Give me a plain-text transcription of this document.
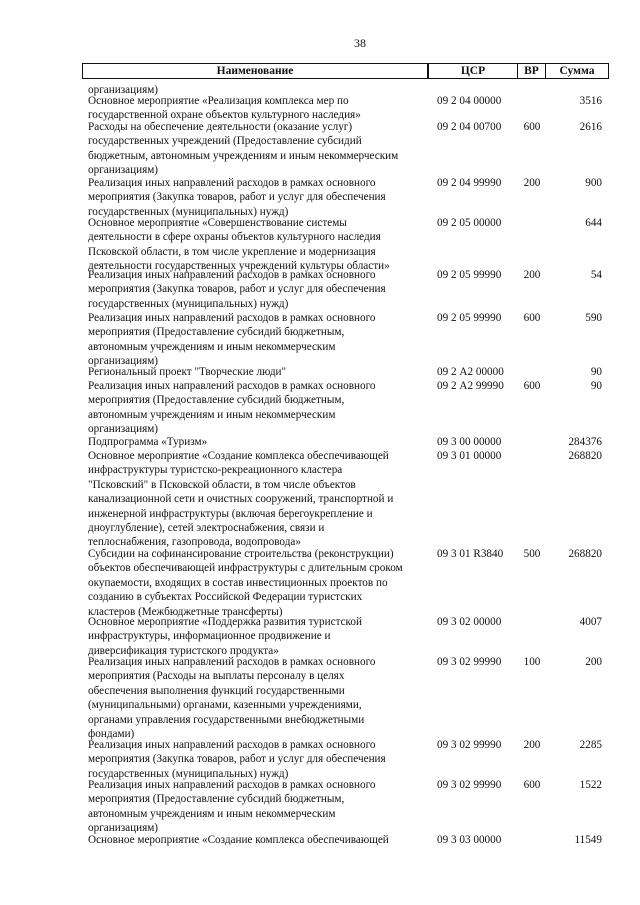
38
Наименование	ЦСР	ВР	Сумма
организациям)
Основное мероприятие «Реализация комплекса мер по
государственной охране объектов культурного наследия»
09 2 04 00000	3516
Расходы на обеспечение деятельности (оказание услуг)
государственных учреждений (Предоставление субсидий
бюджетным, автономным учреждениям и иным некоммерческим
организациям)
09 2 04 00700	600	2616
Реализация иных направлений расходов в рамках основного
мероприятия (Закупка товаров, работ и услуг для обеспечения
государственных (муниципальных) нужд)
09 2 04 99990	200	900
Основное мероприятие «Совершенствование системы
деятельности в сфере охраны объектов культурного наследия
Псковской области, в том числе укрепление и модернизация
деятельности государственных учреждений культуры области»
09 2 05 00000	644
Реализация иных направлений расходов в рамках основного
мероприятия (Закупка товаров, работ и услуг для обеспечения
государственных (муниципальных) нужд)
09 2 05 99990	200	54
Реализация иных направлений расходов в рамках основного
мероприятия (Предоставление субсидий бюджетным,
автономным учреждениям и иным некоммерческим
организациям)
09 2 05 99990	600	590
Региональный проект "Творческие люди"	09 2 А2 00000	90
Реализация иных направлений расходов в рамках основного
мероприятия (Предоставление субсидий бюджетным,
автономным учреждениям и иным некоммерческим
организациям)
09 2 А2 99990	600	90
Подпрограмма «Туризм»	09 3 00 00000	284376
Основное мероприятие «Создание комплекса обеспечивающей
инфраструктуры туристско-рекреационного кластера
"Псковский" в Псковской области, в том числе объектов
канализационной сети и очистных сооружений, транспортной и
инженерной инфраструктуры (включая берегоукрепление и
дноуглубление), сетей электроснабжения, связи и
теплоснабжения, газопровода, водопровода»
09 3 01 00000	268820
Субсидии на софинансирование строительства (реконструкции)
объектов обеспечивающей инфраструктуры с длительным сроком
окупаемости, входящих в состав инвестиционных проектов по
созданию в субъектах Российской Федерации туристских
кластеров (Межбюджетные трансферты)
09 3 01 R3840	500	268820
Основное мероприятие «Поддержка развития туристской
инфраструктуры, информационное продвижение и
диверсификация туристского продукта»
09 3 02 00000	4007
Реализация иных направлений расходов в рамках основного
мероприятия (Расходы на выплаты персоналу в целях
обеспечения выполнения функций государственными
(муниципальными) органами, казенными учреждениями,
органами управления государственными внебюджетными
фондами)
09 3 02 99990	100	200
Реализация иных направлений расходов в рамках основного
мероприятия (Закупка товаров, работ и услуг для обеспечения
государственных (муниципальных) нужд)
09 3 02 99990	200	2285
Реализация иных направлений расходов в рамках основного
мероприятия (Предоставление субсидий бюджетным,
автономным учреждениям и иным некоммерческим
организациям)
09 3 02 99990	600	1522
Основное мероприятие «Создание комплекса обеспечивающей	09 3 03 00000	11549
